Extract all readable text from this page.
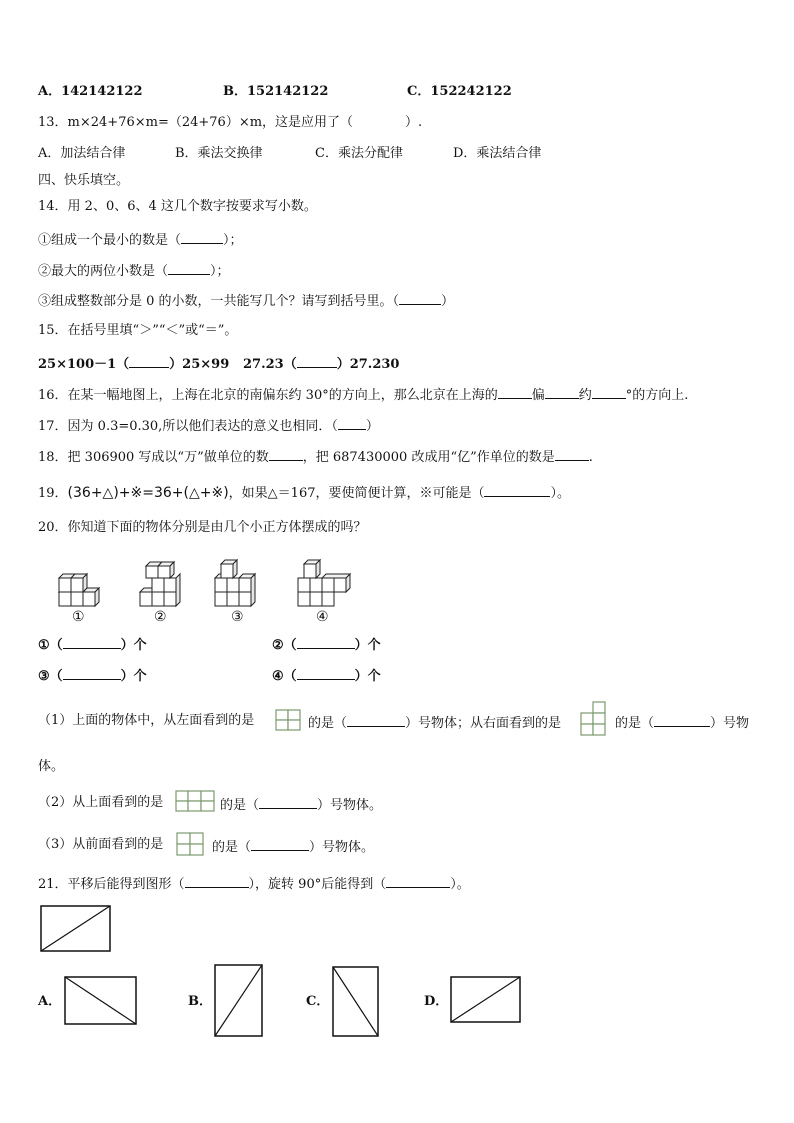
A．142142122	B．152142122	C．152242122
13．m×24+76×m=（24+76）×m，这是应用了（　　　　）.
A．加法结合律	B．乘法交换律	C．乘法分配律	D．乘法结合律
四、快乐填空。
14．用 2、0、6、4 这几个数字按要求写小数。
①组成一个最小的数是（	）；
②最大的两位小数是（	）；
③组成整数部分是 0 的小数，一共能写几个？请写到括号里。（	）
15．在括号里填“＞”“＜”或“＝”。
25×100－1（	）25×99 27.23（	）27.230
16．在某一幅地图上，上海在北京的南偏东约 30°的方向上，那么北京在上海的	偏	约	°的方向上.
17．因为 0.3=0.30,所以他们表达的意义也相同．（ ）
18．把 306900 写成以“万”做单位的数	，把 687430000 改成用“亿”作单位的数是	.
19．(36+△)+※=36+(△+※)，如果△＝167，要使简便计算，※可能是（	）。
20．你知道下面的物体分别是由几个小正方体摆成的吗？
①	②	③	④
①（	）个	②（	）个
③（	）个	④（	）个
（1）上面的物体中，从左面看到的是	的是（	）号物体；从右面看到的是	的是（	）号物
体。
（2）从上面看到的是	的是（	）号物体。
（3）从前面看到的是	的是（	）号物体。
21．平移后能得到图形（	），旋转 90°后能得到（	）。
A．	B．	C．	D．
